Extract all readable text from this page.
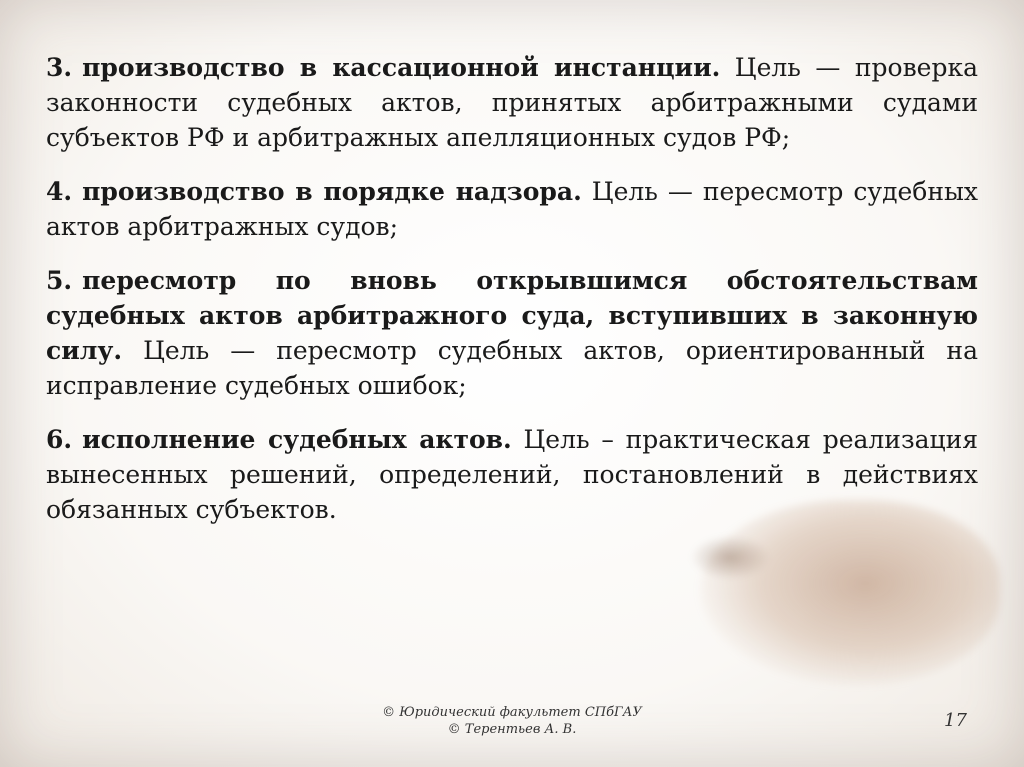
3. производство в кассационной инстанции. Цель — проверка законности судебных актов, принятых арбитражными судами субъектов РФ и арбитражных апелляционных судов РФ;

4. производство в порядке надзора. Цель — пересмотр судебных актов арбитражных судов;

5. пересмотр по вновь открывшимся обстоятельствам судебных актов арбитражного суда, вступивших в законную силу. Цель — пересмотр судебных актов, ориентированный на исправление судебных ошибок;

6. исполнение судебных актов. Цель – практическая реализация вынесенных решений, определений, постановлений в действиях обязанных субъектов.

© Юридический факультет СПбГАУ
© Терентьев А. В.	17
